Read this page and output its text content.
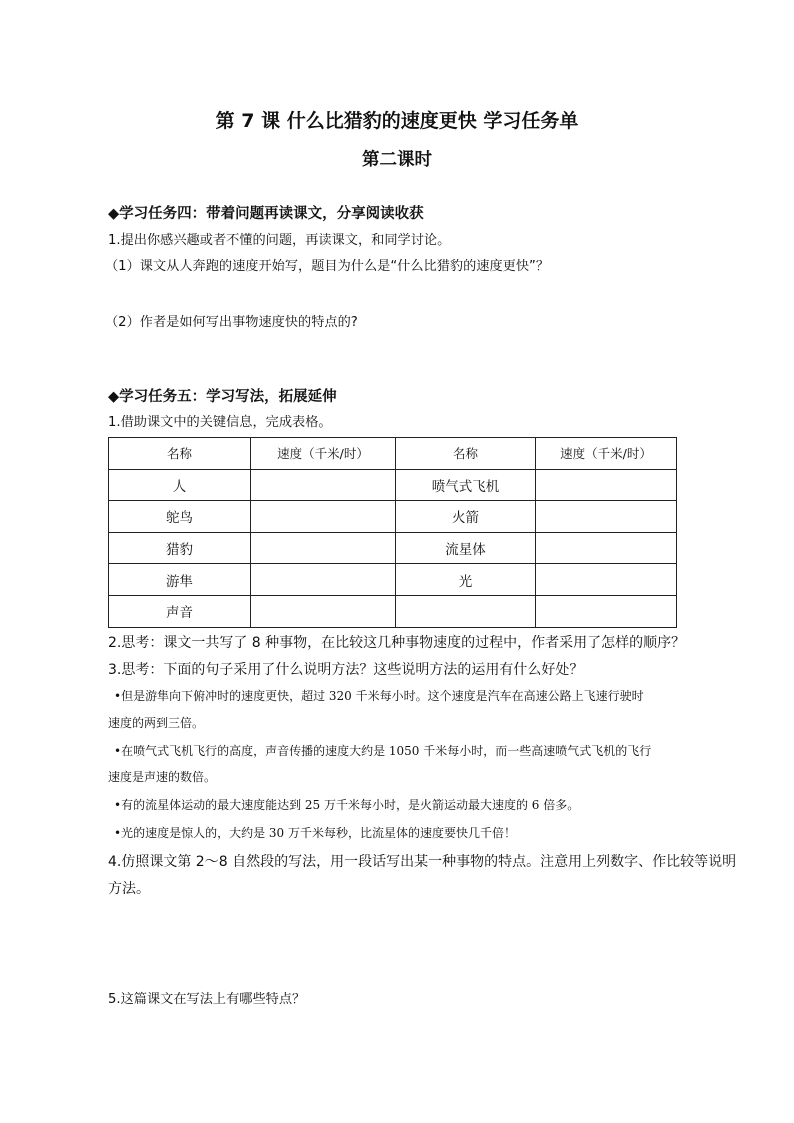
第 7 课 什么比猎豹的速度更快 学习任务单
第二课时
◆学习任务四：带着问题再读课文，分享阅读收获
1.提出你感兴趣或者不懂的问题，再读课文，和同学讨论。
（1）课文从人奔跑的速度开始写，题目为什么是“什么比猎豹的速度更快”？
（2）作者是如何写出事物速度快的特点的?
◆学习任务五：学习写法，拓展延伸
1.借助课文中的关键信息，完成表格。
名称	速度（千米/时）	名称	速度（千米/时）
人		喷气式飞机	
鸵鸟		火箭	
猎豹		流星体	
游隼		光	
声音			
2.思考：课文一共写了 8 种事物，在比较这几种事物速度的过程中，作者采用了怎样的顺序？
3.思考：下面的句子采用了什么说明方法？这些说明方法的运用有什么好处？
•但是游隼向下俯冲时的速度更快，超过 320 千米每小时。这个速度是汽车在高速公路上飞速行驶时
速度的两到三倍。
•在喷气式飞机飞行的高度，声音传播的速度大约是 1050 千米每小时，而一些高速喷气式飞机的飞行
速度是声速的数倍。
•有的流星体运动的最大速度能达到 25 万千米每小时，是火箭运动最大速度的 6 倍多。
•光的速度是惊人的，大约是 30 万千米每秒，比流星体的速度要快几千倍！
4.仿照课文第 2～8 自然段的写法，用一段话写出某一种事物的特点。注意用上列数字、作比较等说明
方法。
5.这篇课文在写法上有哪些特点？
